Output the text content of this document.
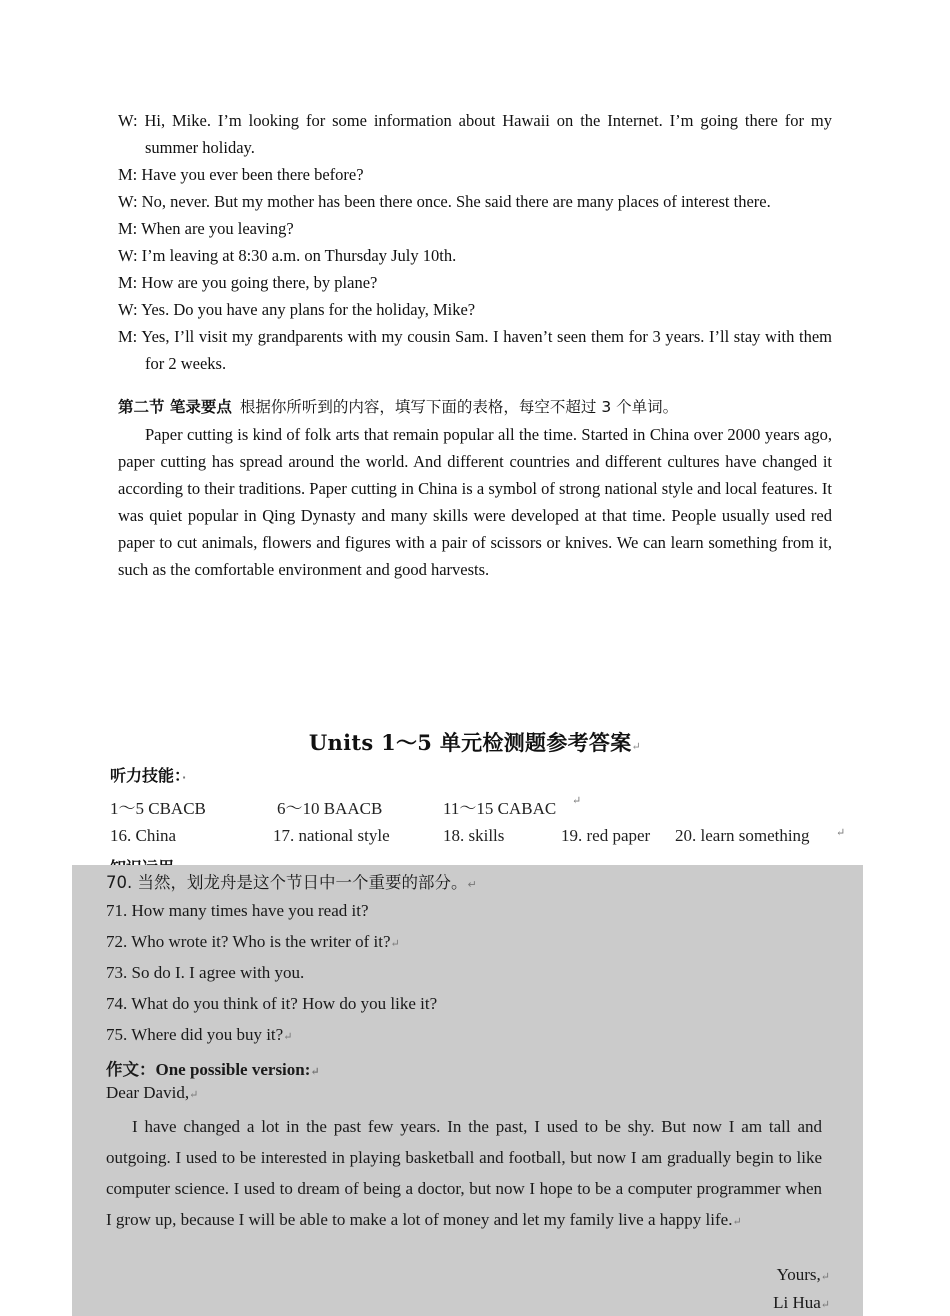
W: Hi, Mike. I’m looking for some information about Hawaii on the Internet. I’m going there for my summer holiday.
M: Have you ever been there before?
W: No, never. But my mother has been there once. She said there are many places of interest there.
M: When are you leaving?
W: I’m leaving at 8:30 a.m. on Thursday July 10th.
M: How are you going there, by plane?
W: Yes. Do you have any plans for the holiday, Mike?
M: Yes, I’ll visit my grandparents with my cousin Sam. I haven’t seen them for 3 years. I’ll stay with them for 2 weeks.
第二节 笔录要点 根据你所听到的内容，填写下面的表格，每空不超过 3 个单词。
Paper cutting is kind of folk arts that remain popular all the time. Started in China over 2000 years ago, paper cutting has spread around the world. And different countries and different cultures have changed it according to their traditions. Paper cutting in China is a symbol of strong national style and local features. It was quiet popular in Qing Dynasty and many skills were developed at that time. People usually used red paper to cut animals, flowers and figures with a pair of scissors or knives. We can learn something from it, such as the comfortable environment and good harvests.
Units 1～5 单元检测题参考答案↵
听力技能：·
1～5 CBACB	6～10 BAACB	11～15 CABAC ↵
16. China	17. national style	18. skills	19. red paper 20. learn something ↵
70. 当然，划龙舟是这个节日中一个重要的部分。↵
71. How many times have you read it?
72. Who wrote it? Who is the writer of it?↵
73. So do I. I agree with you.
74. What do you think of it? How do you like it?
75. Where did you buy it?↵
作文：One possible version:↵
Dear David,↵
I have changed a lot in the past few years. In the past, I used to be shy. But now I am tall and outgoing. I used to be interested in playing basketball and football, but now I am gradually begin to like computer science. I used to dream of being a doctor, but now I hope to be a computer programmer when I grow up, because I will be able to make a lot of money and let my family live a happy life.↵
Yours,↵
Li Hua↵
